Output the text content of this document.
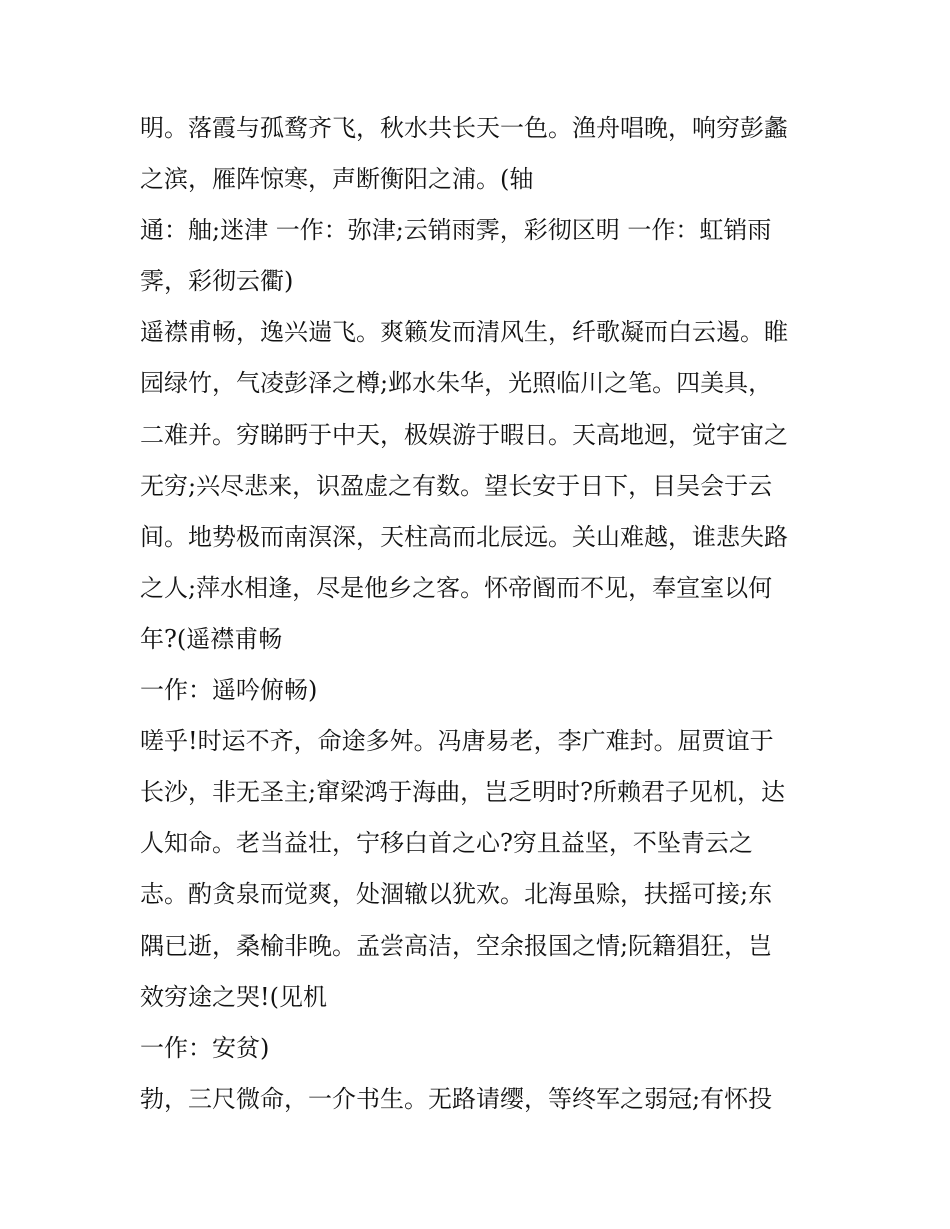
明。落霞与孤鹜齐飞，秋水共长天一色。渔舟唱晚，响穷彭蠡
之滨，雁阵惊寒，声断衡阳之浦。(轴
通：舳;迷津 一作：弥津;云销雨霁，彩彻区明 一作：虹销雨
霁，彩彻云衢)
遥襟甫畅，逸兴遄飞。爽籁发而清风生，纤歌凝而白云遏。睢
园绿竹，气凌彭泽之樽;邺水朱华，光照临川之笔。四美具，
二难并。穷睇眄于中天，极娱游于暇日。天高地迥，觉宇宙之
无穷;兴尽悲来，识盈虚之有数。望长安于日下，目吴会于云
间。地势极而南溟深，天柱高而北辰远。关山难越，谁悲失路
之人;萍水相逢，尽是他乡之客。怀帝阍而不见，奉宣室以何
年?(遥襟甫畅
一作：遥吟俯畅)
嗟乎!时运不齐，命途多舛。冯唐易老，李广难封。屈贾谊于
长沙，非无圣主;窜梁鸿于海曲，岂乏明时?所赖君子见机，达
人知命。老当益壮，宁移白首之心?穷且益坚，不坠青云之
志。酌贪泉而觉爽，处涸辙以犹欢。北海虽赊，扶摇可接;东
隅已逝，桑榆非晚。孟尝高洁，空余报国之情;阮籍猖狂，岂
效穷途之哭!(见机
一作：安贫)
勃，三尺微命，一介书生。无路请缨，等终军之弱冠;有怀投
